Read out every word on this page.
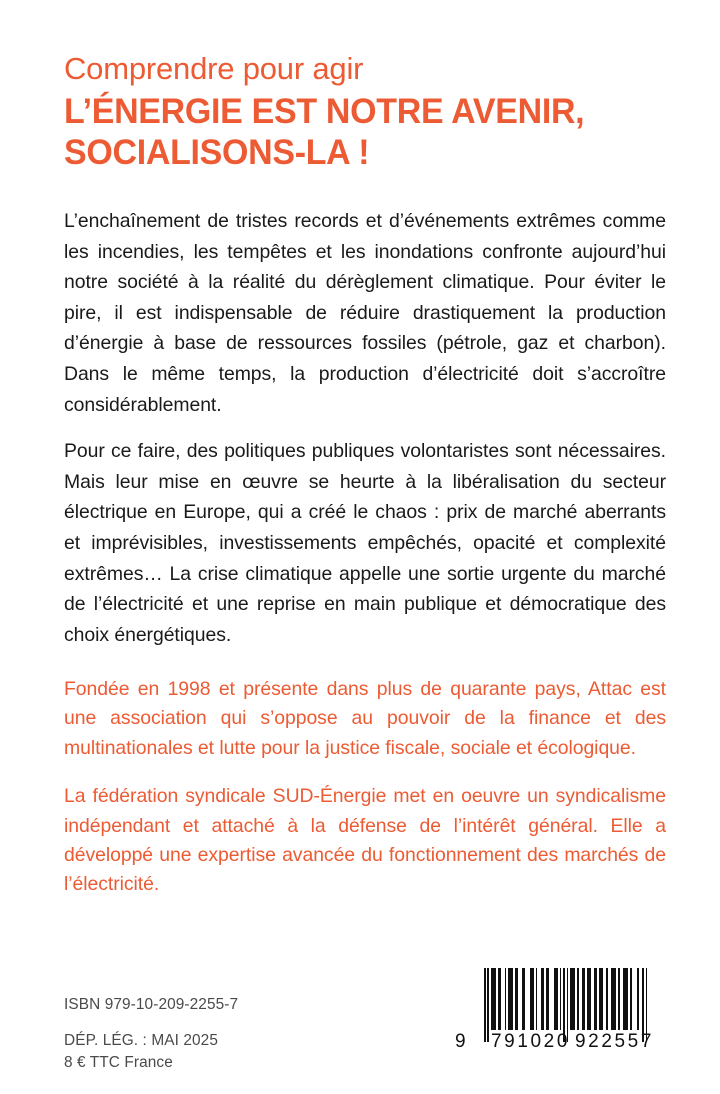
Comprendre pour agir

L’ÉNERGIE EST NOTRE AVENIR,
SOCIALISONS-LA !

L’enchaînement de tristes records et d’événements extrêmes comme les incendies, les tempêtes et les inondations confronte aujourd’hui notre société à la réalité du dérèglement climatique. Pour éviter le pire, il est indispensable de réduire drastiquement la production d’énergie à base de ressources fossiles (pétrole, gaz et charbon). Dans le même temps, la production d’électricité doit s’accroître considérablement.

Pour ce faire, des politiques publiques volontaristes sont nécessaires. Mais leur mise en œuvre se heurte à la libéralisation du secteur électrique en Europe, qui a créé le chaos : prix de marché aberrants et imprévisibles, investissements empêchés, opacité et complexité extrêmes… La crise climatique appelle une sortie urgente du marché de l’électricité et une reprise en main publique et démocratique des choix énergétiques.

Fondée en 1998 et présente dans plus de quarante pays, Attac est une association qui s’oppose au pouvoir de la finance et des multinationales et lutte pour la justice fiscale, sociale et écologique.

La fédération syndicale SUD-Énergie met en oeuvre un syndicalisme indépendant et attaché à la défense de l’intérêt général. Elle a développé une expertise avancée du fonctionnement des marchés de l’électricité.

ISBN 979-10-209-2255-7

DÉP. LÉG. : MAI 2025

8 € TTC France

9 791020 922557
